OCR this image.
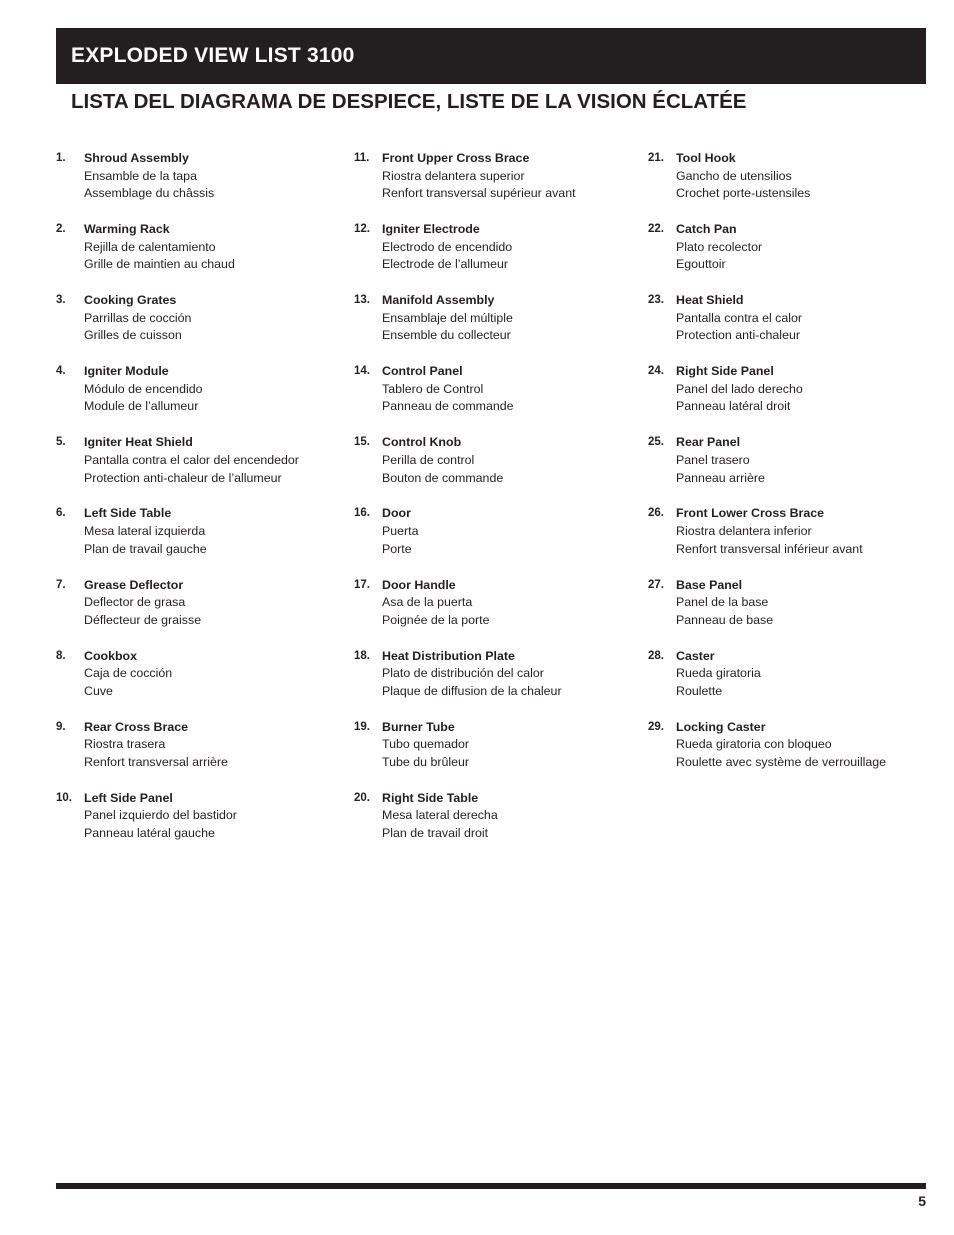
EXPLODED VIEW LIST 3100
LISTA DEL DIAGRAMA DE DESPIECE, LISTE DE LA VISION ÉCLATÉE
1. Shroud Assembly
Ensamble de la tapa
Assemblage du châssis
2. Warming Rack
Rejilla de calentamiento
Grille de maintien au chaud
3. Cooking Grates
Parrillas de cocción
Grilles de cuisson
4. Igniter Module
Módulo de encendido
Module de l’allumeur
5. Igniter Heat Shield
Pantalla contra el calor del encendedor
Protection anti-chaleur de l’allumeur
6. Left Side Table
Mesa lateral izquierda
Plan de travail gauche
7. Grease Deflector
Deflector de grasa
Déflecteur de graisse
8. Cookbox
Caja de cocción
Cuve
9. Rear Cross Brace
Riostra trasera
Renfort transversal arrière
10. Left Side Panel
Panel izquierdo del bastidor
Panneau latéral gauche
11. Front Upper Cross Brace
Riostra delantera superior
Renfort transversal supérieur avant
12. Igniter Electrode
Electrodo de encendido
Electrode de l’allumeur
13. Manifold Assembly
Ensamblaje del múltiple
Ensemble du collecteur
14. Control Panel
Tablero de Control
Panneau de commande
15. Control Knob
Perilla de control
Bouton de commande
16. Door
Puerta
Porte
17. Door Handle
Asa de la puerta
Poignée de la porte
18. Heat Distribution Plate
Plato de distribución del calor
Plaque de diffusion de la chaleur
19. Burner Tube
Tubo quemador
Tube du brûleur
20. Right Side Table
Mesa lateral derecha
Plan de travail droit
21. Tool Hook
Gancho de utensilios
Crochet porte-ustensiles
22. Catch Pan
Plato recolector
Egouttoir
23. Heat Shield
Pantalla contra el calor
Protection anti-chaleur
24. Right Side Panel
Panel del lado derecho
Panneau latéral droit
25. Rear Panel
Panel trasero
Panneau arrière
26. Front Lower Cross Brace
Riostra delantera inferior
Renfort transversal inférieur avant
27. Base Panel
Panel de la base
Panneau de base
28. Caster
Rueda giratoria
Roulette
29. Locking Caster
Rueda giratoria con bloqueo
Roulette avec système de verrouillage
5
